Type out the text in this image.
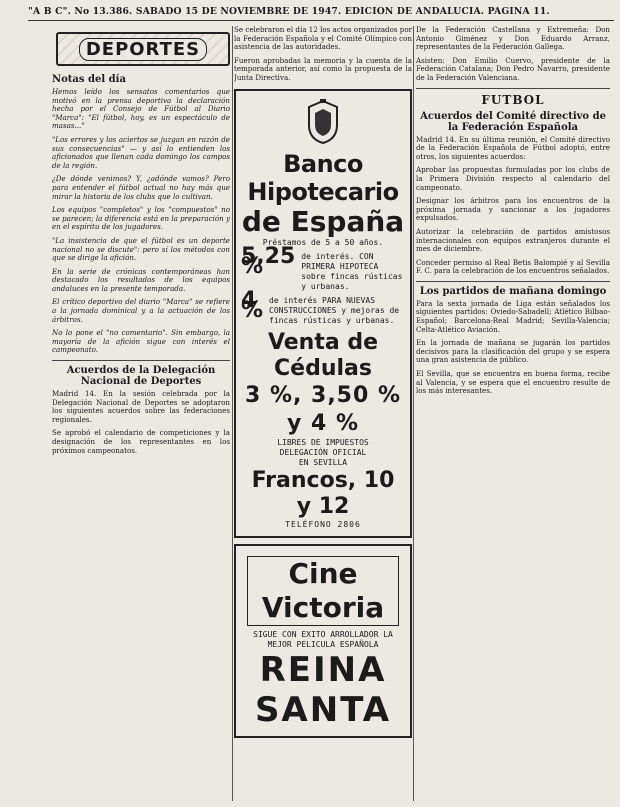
"A B C". No 13.386. SABADO 15 DE NOVIEMBRE DE 1947. EDICION DE ANDALUCIA. PAGINA 11.
DEPORTES
Notas del día

Hemos leído los sensatos comentarios que motivó en la prensa deportiva la declaración hecha por el Consejo de Fútbol al Diario "Marca": "El fútbol, hoy, es un espectáculo de masas..."

"Los errores y los aciertos se juzgan en razón de sus consecuencias" — y así lo entienden los aficionados que llenan cada domingo los campos de la región.

¿De dónde venimos? Y, ¿adónde vamos? Pero para entender el fútbol actual no hay más que mirar la historia de los clubs que lo cultivan.

Los equipos "completos" y los "compuestos" no se parecen; la diferencia está en la preparación y en el espíritu de los jugadores.

"La insistencia de que el fútbol es un deporte nacional no se discute": pero sí los métodos con que se dirige la afición.

En la serie de crónicas contemporáneas han destacado los resultados de los equipos andaluces en la presente temporada.

El crítico deportivo del diario "Marca" se refiere a la jornada dominical y a la actuación de los árbitros.

No lo pone el "no comentario". Sin embargo, la mayoría de la afición sigue con interés el campeonato.

Acuerdos de la Delegación Nacional de Deportes

Madrid 14. En la sesión celebrada por la Delegación Nacional de Deportes se adoptaron los siguientes acuerdos sobre las federaciones regionales.

Se aprobó el calendario de competiciones y la designación de los representantes en los próximos campeonatos.

Se celebraron el día 12 los actos organizados por la Federación Española y el Comité Olímpico con asistencia de las autoridades.

Fueron aprobadas la memoria y la cuenta de la temporada anterior, así como la propuesta de la Junta Directiva.

Banco Hipotecario
de España
Préstamos de 5 a 50 años.
5,25 %	de interés. CON PRIMERA HIPOTECA sobre fincas rústicas y urbanas.
4 % de interés PARA NUEVAS CONSTRUCCIONES y mejoras de fincas rústicas y urbanas.
Venta de Cédulas
3 %, 3,50 %
y 4 %
LIBRES DE IMPUESTOS
DELEGACIÓN OFICIAL
EN SEVILLA
Francos, 10 y 12
TELÉFONO 2806
Cine Victoria
SIGUE CON EXITO ARROLLADOR LA MEJOR PELICULA ESPAÑOLA
REINA SANTA

De la Federación Castellana y Extremeña: Don Antonio Giménez y Don Eduardo Arranz, representantes de la Federación Gallega.

Asisten: Don Emilio Cuervo, presidente de la Federación Catalana; Don Pedro Navarro, presidente de la Federación Valenciana.

FUTBOL
Acuerdos del Comité directivo de la Federación Española

Madrid 14. En su última reunión, el Comité directivo de la Federación Española de Fútbol adoptó, entre otros, los siguientes acuerdos:

Aprobar las propuestas formuladas por los clubs de la Primera División respecto al calendario del campeonato.

Designar los árbitros para los encuentros de la próxima jornada y sancionar a los jugadores expulsados.

Autorizar la celebración de partidos amistosos internacionales con equipos extranjeros durante el mes de diciembre.

Conceder permiso al Real Betis Balompié y al Sevilla F. C. para la celebración de los encuentros señalados.

Los partidos de mañana domingo

Para la sexta jornada de Liga están señalados los siguientes partidos: Oviedo-Sabadell; Atlético Bilbao-Español; Barcelona-Real Madrid; Sevilla-Valencia; Celta-Atlético Aviación.

En la jornada de mañana se jugarán los partidos decisivos para la clasificación del grupo y se espera una gran asistencia de público.

El Sevilla, que se encuentra en buena forma, recibe al Valencia, y se espera que el encuentro resulte de los más interesantes.
